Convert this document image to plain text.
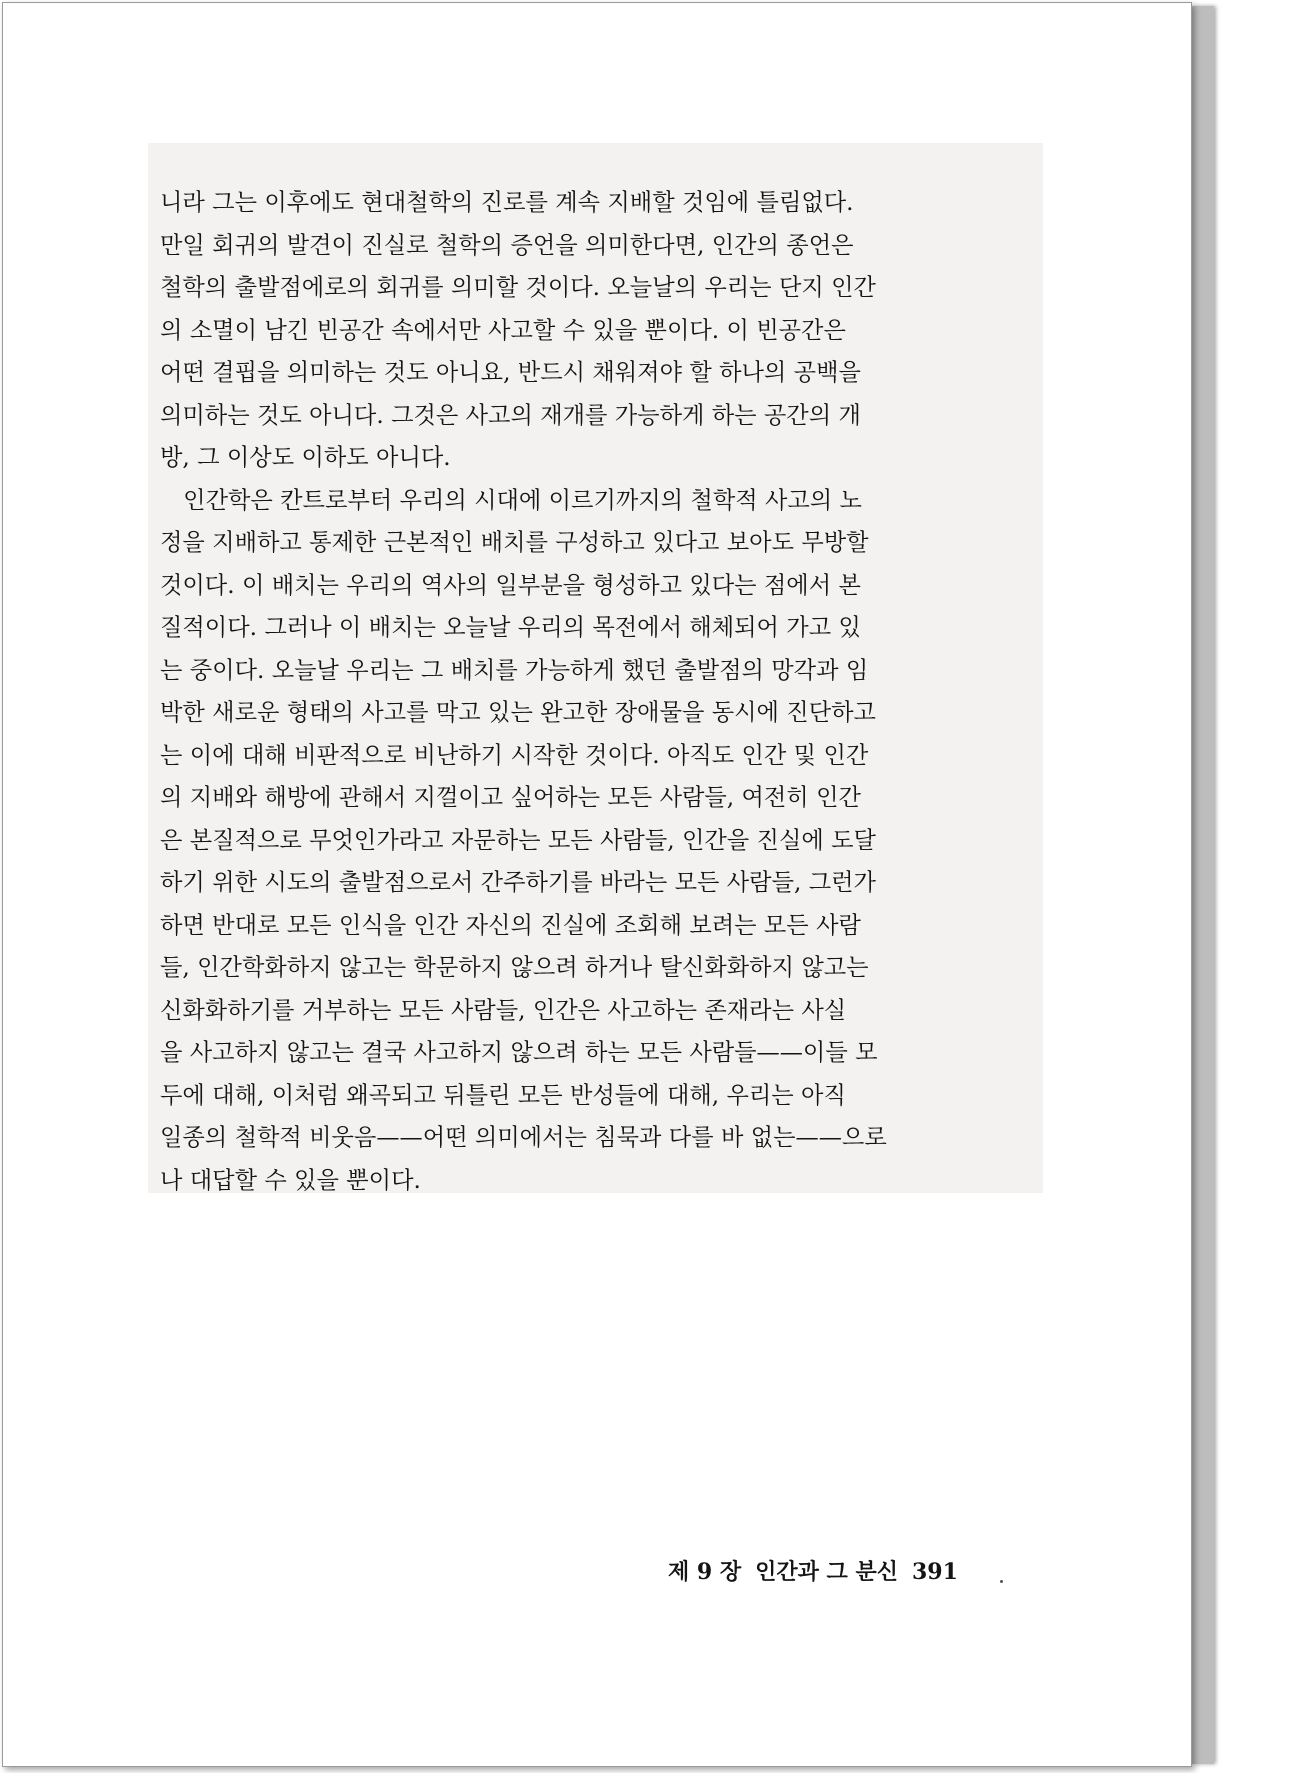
니라 그는 이후에도 현대철학의 진로를 계속 지배할 것임에 틀림없다.
만일 회귀의 발견이 진실로 철학의 증언을 의미한다면, 인간의 종언은
철학의 출발점에로의 회귀를 의미할 것이다. 오늘날의 우리는 단지 인간
의 소멸이 남긴 빈공간 속에서만 사고할 수 있을 뿐이다. 이 빈공간은
어떤 결핍을 의미하는 것도 아니요, 반드시 채워져야 할 하나의 공백을
의미하는 것도 아니다. 그것은 사고의 재개를 가능하게 하는 공간의 개
방, 그 이상도 이하도 아니다.
　인간학은 칸트로부터 우리의 시대에 이르기까지의 철학적 사고의 노
정을 지배하고 통제한 근본적인 배치를 구성하고 있다고 보아도 무방할
것이다. 이 배치는 우리의 역사의 일부분을 형성하고 있다는 점에서 본
질적이다. 그러나 이 배치는 오늘날 우리의 목전에서 해체되어 가고 있
는 중이다. 오늘날 우리는 그 배치를 가능하게 했던 출발점의 망각과 임
박한 새로운 형태의 사고를 막고 있는 완고한 장애물을 동시에 진단하고
는 이에 대해 비판적으로 비난하기 시작한 것이다. 아직도 인간 및 인간
의 지배와 해방에 관해서 지껄이고 싶어하는 모든 사람들, 여전히 인간
은 본질적으로 무엇인가라고 자문하는 모든 사람들, 인간을 진실에 도달
하기 위한 시도의 출발점으로서 간주하기를 바라는 모든 사람들, 그런가
하면 반대로 모든 인식을 인간 자신의 진실에 조회해 보려는 모든 사람
들, 인간학화하지 않고는 학문하지 않으려 하거나 탈신화화하지 않고는
신화화하기를 거부하는 모든 사람들, 인간은 사고하는 존재라는 사실
을 사고하지 않고는 결국 사고하지 않으려 하는 모든 사람들——이들 모
두에 대해, 이처럼 왜곡되고 뒤틀린 모든 반성들에 대해, 우리는 아직
일종의 철학적 비웃음——어떤 의미에서는 침묵과 다를 바 없는——으로
나 대답할 수 있을 뿐이다.
제 9 장 인간과 그 분신 391
